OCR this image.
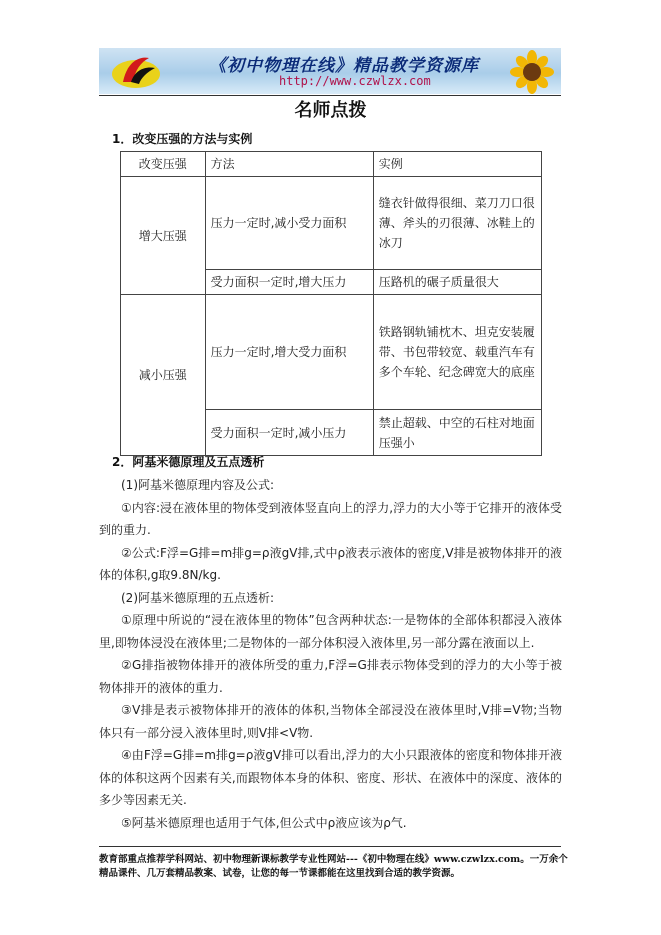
《初中物理在线》精品教学资源库
http://www.czwlzx.com
名师点拨
1．改变压强的方法与实例
改变压强	方法	实例
增大压强	压力一定时,减小受力面积	缝衣针做得很细、菜刀刀口很薄、斧头的刃很薄、冰鞋上的冰刀
	受力面积一定时,增大压力	压路机的碾子质量很大
减小压强	压力一定时,增大受力面积	铁路钢轨铺枕木、坦克安装履带、书包带较宽、载重汽车有多个车轮、纪念碑宽大的底座
	受力面积一定时,减小压力	禁止超载、中空的石柱对地面压强小
2．阿基米德原理及五点透析

(1)阿基米德原理内容及公式:

①内容:浸在液体里的物体受到液体竖直向上的浮力,浮力的大小等于它排开的液体受到的重力.

②公式:F浮=G排=m排g=ρ液gV排,式中ρ液表示液体的密度,V排是被物体排开的液体的体积,g取9.8N/kg.

(2)阿基米德原理的五点透析:

①原理中所说的“浸在液体里的物体”包含两种状态:一是物体的全部体积都浸入液体里,即物体浸没在液体里;二是物体的一部分体积浸入液体里,另一部分露在液面以上.

②G排指被物体排开的液体所受的重力,F浮=G排表示物体受到的浮力的大小等于被物体排开的液体的重力.

③V排是表示被物体排开的液体的体积,当物体全部浸没在液体里时,V排=V物;当物体只有一部分浸入液体里时,则V排<V物.

④由F浮=G排=m排g=ρ液gV排可以看出,浮力的大小只跟液体的密度和物体排开液体的体积这两个因素有关,而跟物体本身的体积、密度、形状、在液体中的深度、液体的多少等因素无关.

⑤阿基米德原理也适用于气体,但公式中ρ液应该为ρ气.

教育部重点推荐学科网站、初中物理新课标教学专业性网站---《初中物理在线》www.czwlzx.com。一万余个精品课件、几万套精品教案、试卷，让您的每一节课都能在这里找到合适的教学资源。
